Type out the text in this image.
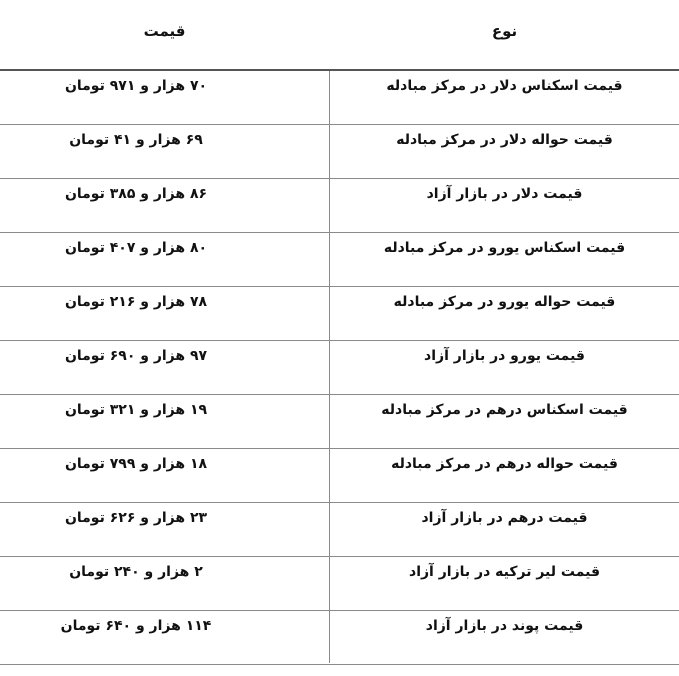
قیمت	نوع
۷۰ هزار و ۹۷۱ تومان	قیمت اسکناس دلار در مرکز مبادله
۶۹ هزار و ۴۱ تومان	قیمت حواله دلار در مرکز مبادله
۸۶ هزار و ۳۸۵ تومان	قیمت دلار در بازار آزاد
۸۰ هزار و ۴۰۷ تومان	قیمت اسکناس یورو در مرکز مبادله
۷۸ هزار و ۲۱۶ تومان	قیمت حواله یورو در مرکز مبادله
۹۷ هزار و ۶۹۰ تومان	قیمت یورو در بازار آزاد
۱۹ هزار و ۳۲۱ تومان	قیمت اسکناس درهم در مرکز مبادله
۱۸ هزار و ۷۹۹ تومان	قیمت حواله درهم در مرکز مبادله
۲۳ هزار و ۶۲۶ تومان	قیمت درهم در بازار آزاد
۲ هزار و ۲۴۰ تومان	قیمت لیر ترکیه در بازار آزاد
۱۱۴ هزار و ۶۴۰ تومان	قیمت پوند در بازار آزاد
